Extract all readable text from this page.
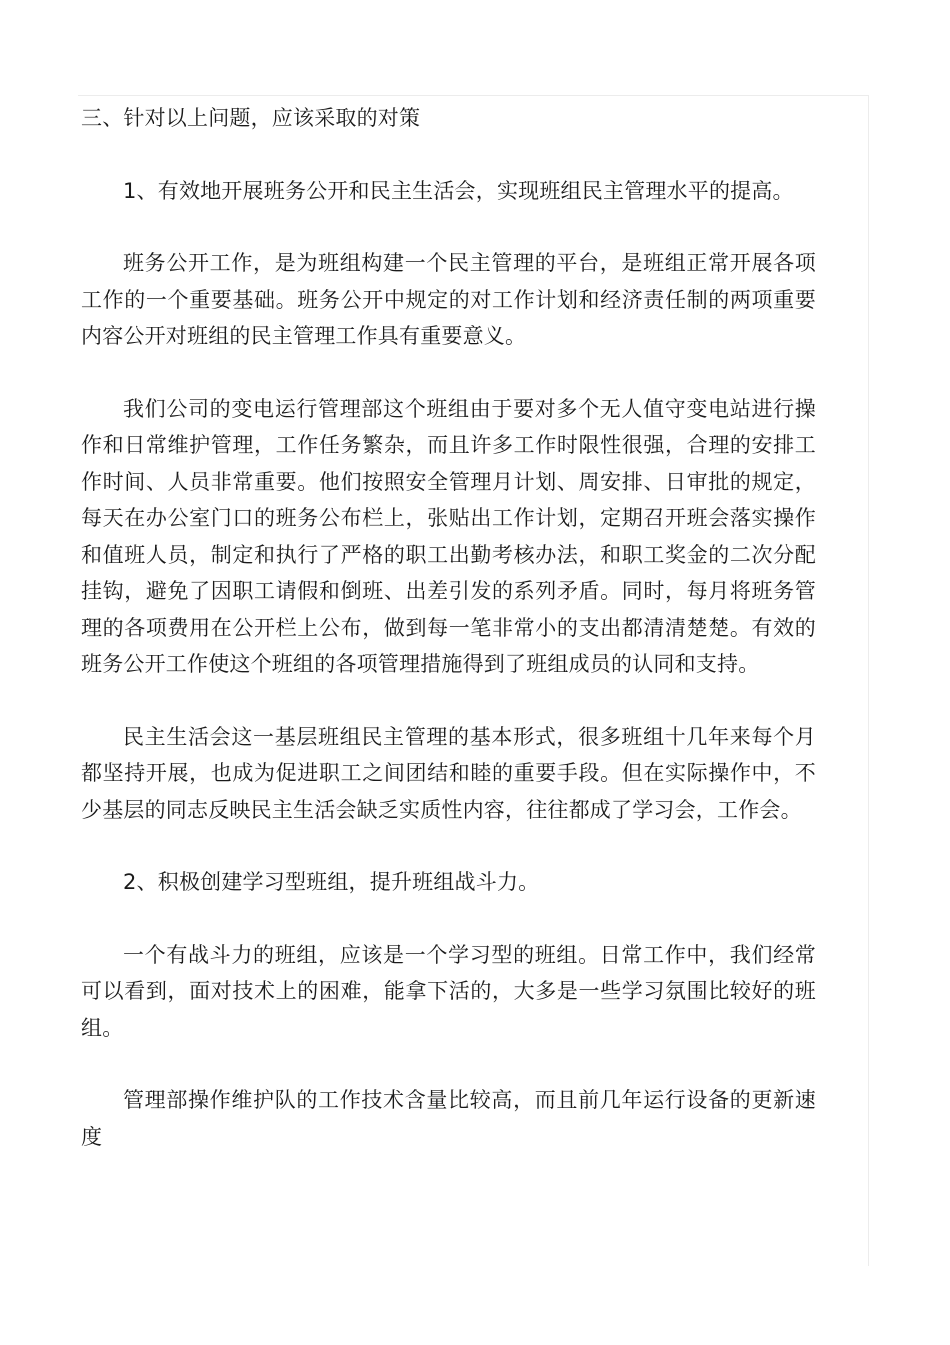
三、针对以上问题，应该采取的对策

1、有效地开展班务公开和民主生活会，实现班组民主管理水平的提高。

班务公开工作，是为班组构建一个民主管理的平台，是班组正常开展各项工作的一个重要基础。班务公开中规定的对工作计划和经济责任制的两项重要内容公开对班组的民主管理工作具有重要意义。

我们公司的变电运行管理部这个班组由于要对多个无人值守变电站进行操作和日常维护管理，工作任务繁杂，而且许多工作时限性很强，合理的安排工作时间、人员非常重要。他们按照安全管理月计划、周安排、日审批的规定，每天在办公室门口的班务公布栏上，张贴出工作计划，定期召开班会落实操作和值班人员，制定和执行了严格的职工出勤考核办法，和职工奖金的二次分配挂钩，避免了因职工请假和倒班、出差引发的系列矛盾。同时，每月将班务管理的各项费用在公开栏上公布，做到每一笔非常小的支出都清清楚楚。有效的班务公开工作使这个班组的各项管理措施得到了班组成员的认同和支持。

民主生活会这一基层班组民主管理的基本形式，很多班组十几年来每个月都坚持开展，也成为促进职工之间团结和睦的重要手段。但在实际操作中，不少基层的同志反映民主生活会缺乏实质性内容，往往都成了学习会，工作会。

2、积极创建学习型班组，提升班组战斗力。

一个有战斗力的班组，应该是一个学习型的班组。日常工作中，我们经常可以看到，面对技术上的困难，能拿下活的，大多是一些学习氛围比较好的班组。

管理部操作维护队的工作技术含量比较高，而且前几年运行设备的更新速度
